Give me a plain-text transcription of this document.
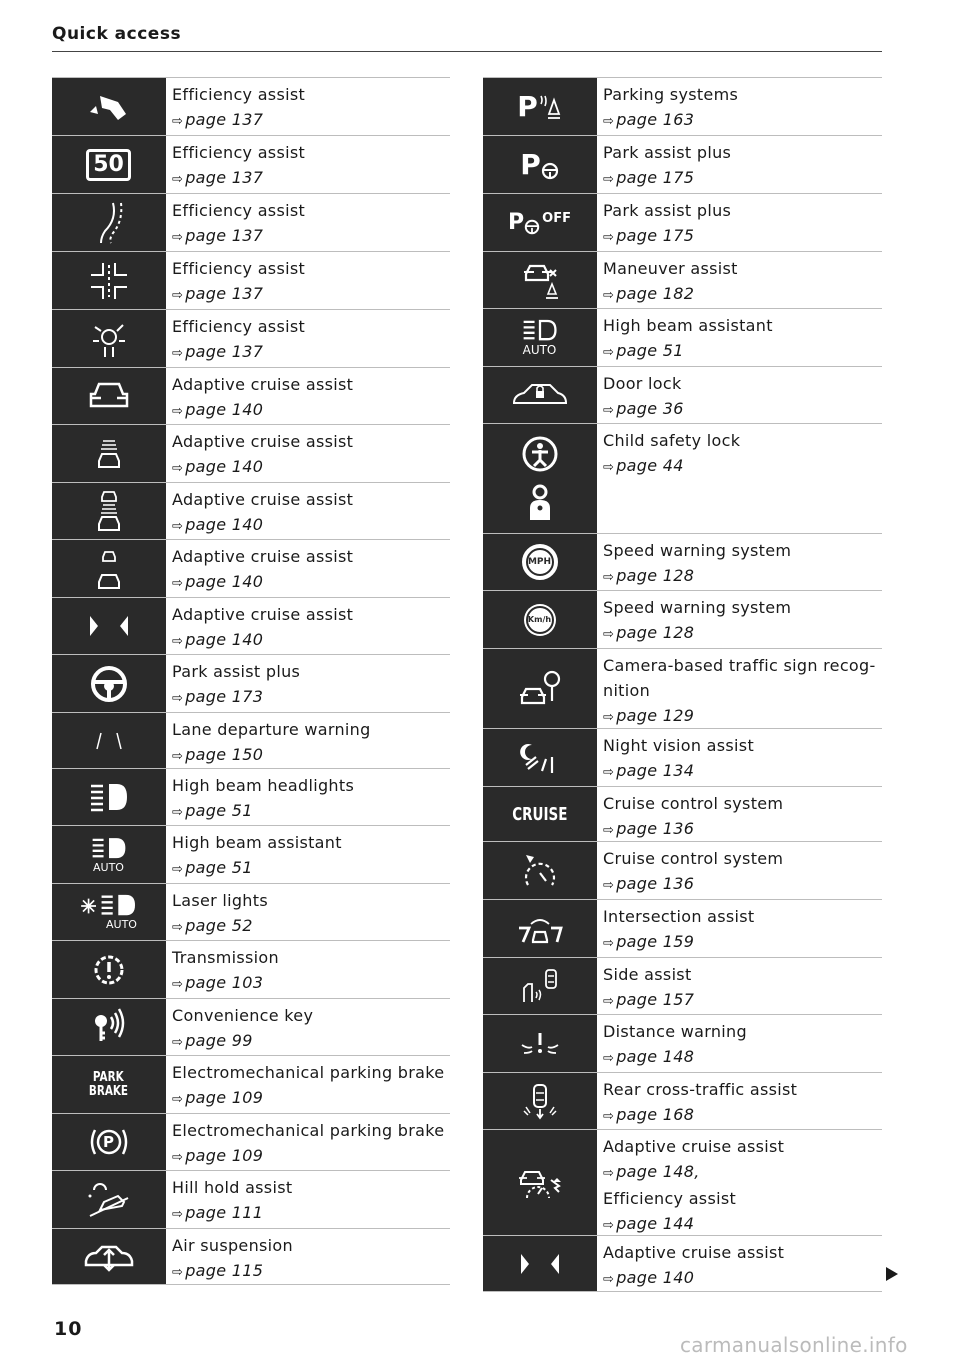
Quick access
Efficiency assist
⇨ page 137
50	Efficiency assist
⇨ page 137
Efficiency assist
⇨ page 137
Efficiency assist
⇨ page 137
Efficiency assist
⇨ page 137
Adaptive cruise assist
⇨ page 140
Adaptive cruise assist
⇨ page 140
Adaptive cruise assist
⇨ page 140
Adaptive cruise assist
⇨ page 140
Adaptive cruise assist
⇨ page 140
Park assist plus
⇨ page 173
Lane departure warning
⇨ page 150
High beam headlights
⇨ page 51
AUTO
High beam assistant
⇨ page 51
AUTO
Laser lights
⇨ page 52
Transmission
⇨ page 103
Convenience key
⇨ page 99
PARK
BRAKE
Electromechanical parking brake
⇨ page 109
P
Electromechanical parking brake
⇨ page 109
Hill hold assist
⇨ page 111
Air suspension
⇨ page 115
P	Parking systems
⇨ page 163
P	Park assist plus
⇨ page 175
P OFF Park assist plus
⇨ page 175
Maneuver assist
⇨ page 182
AUTO
High beam assistant
⇨ page 51
Door lock
⇨ page 36
Child safety lock
⇨ page 44
MPH
Speed warning system
⇨ page 128
Km/h
Speed warning system
⇨ page 128
Camera-based traffic sign recog-
nition
⇨ page 129
Night vision assist
⇨ page 134
CRUISE Cruise control system
⇨ page 136
Cruise control system
⇨ page 136
Intersection assist
⇨ page 159
Side assist
⇨ page 157
Distance warning
⇨ page 148
Rear cross-traffic assist
⇨ page 168
Adaptive cruise assist
⇨ page 148,
Efficiency assist
⇨ page 144
Adaptive cruise assist
⇨ page 140
10
carmanualsonline.info
